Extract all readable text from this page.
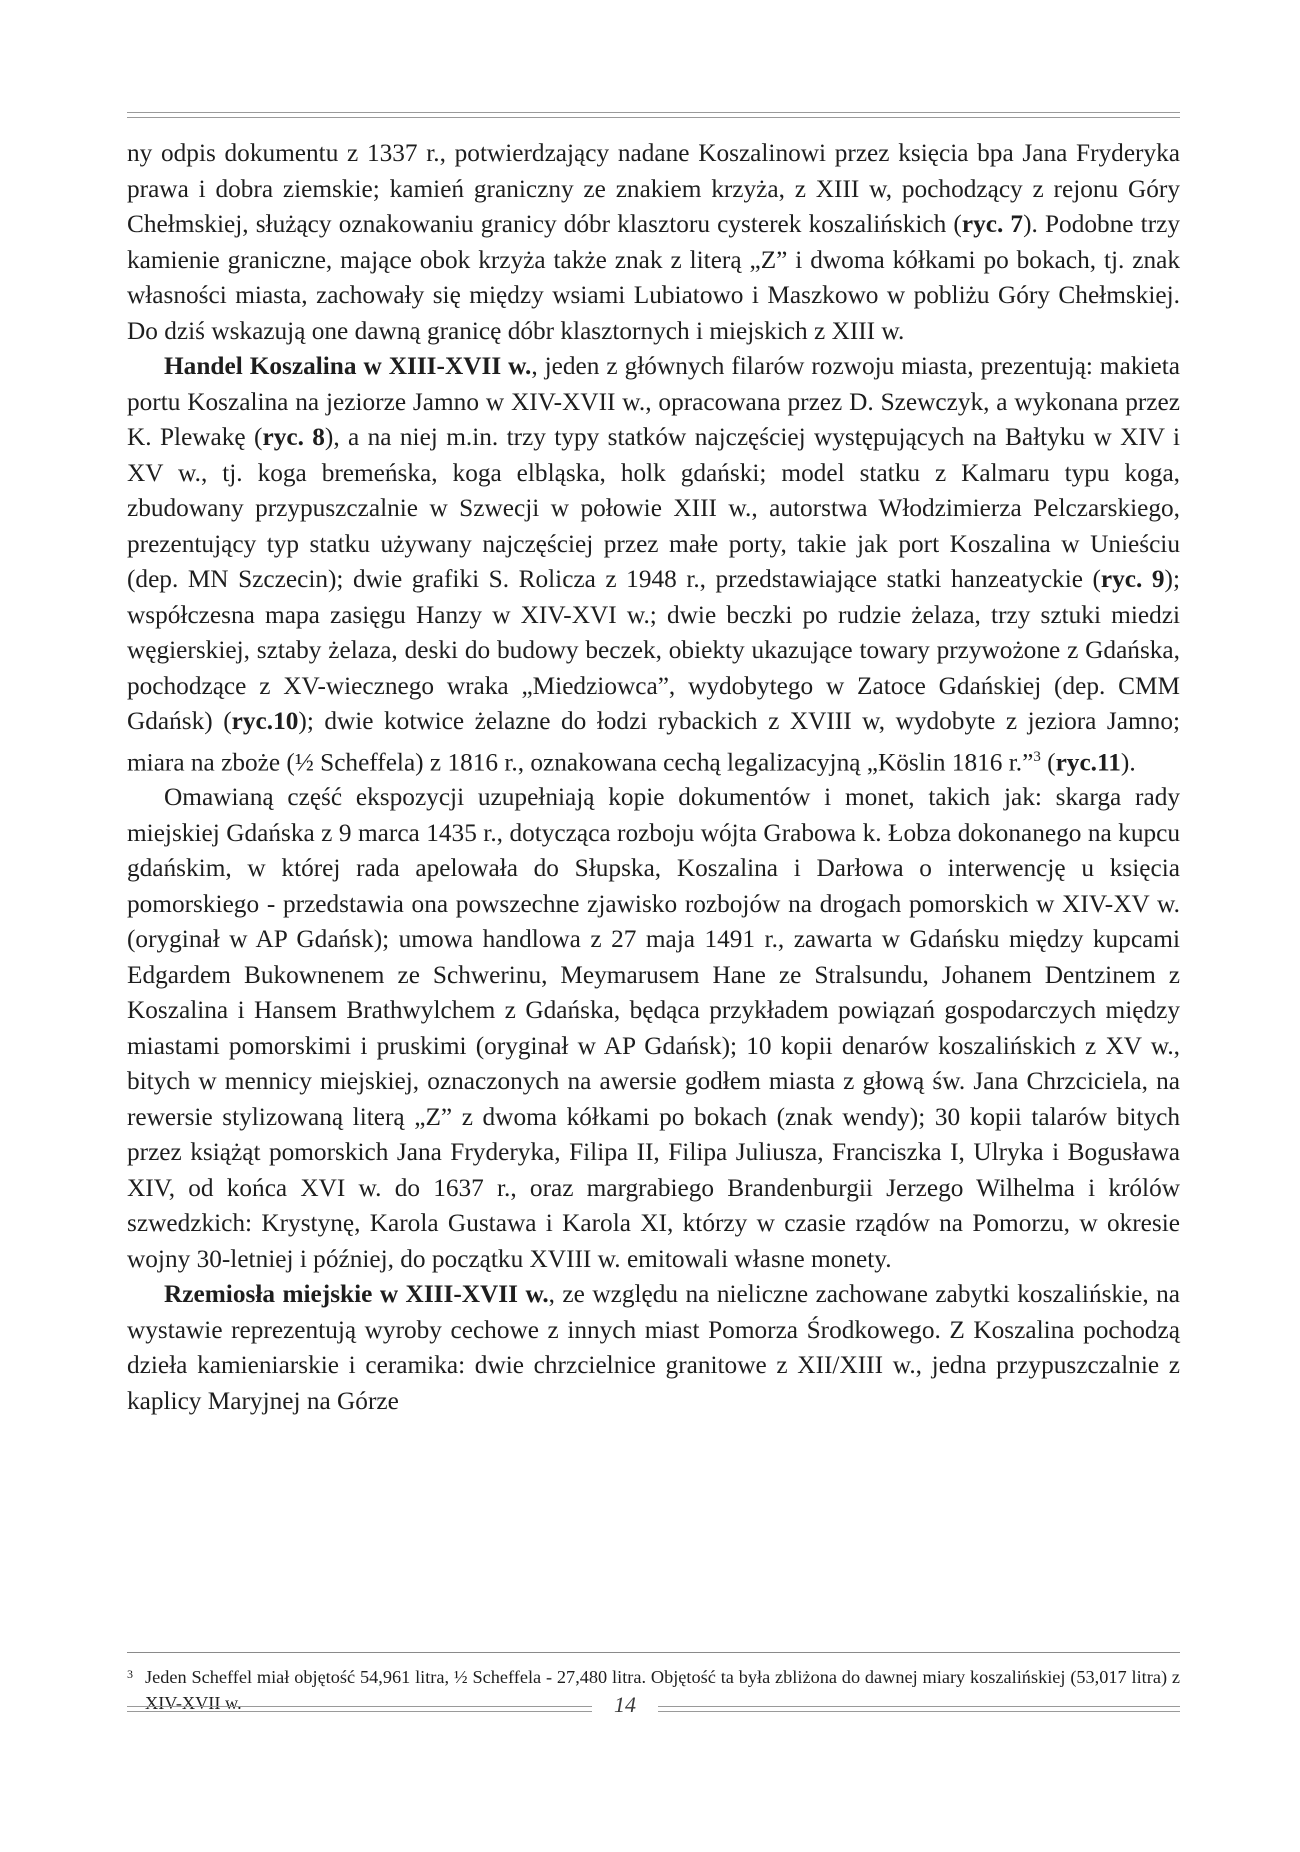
ny odpis dokumentu z 1337 r., potwierdzający nadane Koszalinowi przez księcia bpa Jana Fryderyka prawa i dobra ziemskie; kamień graniczny ze znakiem krzyża, z XIII w, pochodzący z rejonu Góry Chełmskiej, służący oznakowaniu granicy dóbr klasztoru cysterek koszalińskich (ryc. 7). Podobne trzy kamienie graniczne, mające obok krzyża także znak z literą „Z” i dwoma kółkami po bokach, tj. znak własności miasta, zachowały się między wsiami Lubiatowo i Maszkowo w pobliżu Góry Chełmskiej. Do dziś wskazują one dawną granicę dóbr klasztornych i miejskich z XIII w.

Handel Koszalina w XIII-XVII w., jeden z głównych filarów rozwoju miasta, prezentują: makieta portu Koszalina na jeziorze Jamno w XIV-XVII w., opracowana przez D. Szewczyk, a wykonana przez K. Plewakę (ryc. 8), a na niej m.in. trzy typy statków najczęściej występujących na Bałtyku w XIV i XV w., tj. koga bremeńska, koga elbląska, holk gdański; model statku z Kalmaru typu koga, zbudowany przypuszczalnie w Szwecji w połowie XIII w., autorstwa Włodzimierza Pelczarskiego, prezentujący typ statku używany najczęściej przez małe porty, takie jak port Koszalina w Unieściu (dep. MN Szczecin); dwie grafiki S. Rolicza z 1948 r., przedstawiające statki hanzeatyckie (ryc. 9); współczesna mapa zasięgu Hanzy w XIV-XVI w.; dwie beczki po rudzie żelaza, trzy sztuki miedzi węgierskiej, sztaby żelaza, deski do budowy beczek, obiekty ukazujące towary przywożone z Gdańska, pochodzące z XV-wiecznego wraka „Miedziowca”, wydobytego w Zatoce Gdańskiej (dep. CMM Gdańsk) (ryc.10); dwie kotwice żelazne do łodzi rybackich z XVIII w, wydobyte z jeziora Jamno; miara na zboże (½ Scheffela) z 1816 r., oznakowana cechą legalizacyjną „Köslin 1816 r.”$^3$ (ryc.11).

Omawianą część ekspozycji uzupełniają kopie dokumentów i monet, takich jak: skarga rady miejskiej Gdańska z 9 marca 1435 r., dotycząca rozboju wójta Grabowa k. Łobza dokonanego na kupcu gdańskim, w której rada apelowała do Słupska, Koszalina i Darłowa o interwencję u księcia pomorskiego - przedstawia ona powszechne zjawisko rozbojów na drogach pomorskich w XIV-XV w. (oryginał w AP Gdańsk); umowa handlowa z 27 maja 1491 r., zawarta w Gdańsku między kupcami Edgardem Bukownenem ze Schwerinu, Meymarusem Hane ze Stralsundu, Johanem Dentzinem z Koszalina i Hansem Brathwylchem z Gdańska, będąca przykładem powiązań gospodarczych między miastami pomorskimi i pruskimi (oryginał w AP Gdańsk); 10 kopii denarów koszalińskich z XV w., bitych w mennicy miejskiej, oznaczonych na awersie godłem miasta z głową św. Jana Chrzciciela, na rewersie stylizowaną literą „Z” z dwoma kółkami po bokach (znak wendy); 30 kopii talarów bitych przez książąt pomorskich Jana Fryderyka, Filipa II, Filipa Juliusza, Franciszka I, Ulryka i Bogusława XIV, od końca XVI w. do 1637 r., oraz margrabiego Brandenburgii Jerzego Wilhelma i królów szwedzkich: Krystynę, Karola Gustawa i Karola XI, którzy w czasie rządów na Pomorzu, w okresie wojny 30-letniej i później, do początku XVIII w. emitowali własne monety.

Rzemiosła miejskie w XIII-XVII w., ze względu na nieliczne zachowane zabytki koszalińskie, na wystawie reprezentują wyroby cechowe z innych miast Pomorza Środkowego. Z Koszalina pochodzą dzieła kamieniarskie i ceramika: dwie chrzcielnice granitowe z XII/XIII w., jedna przypuszczalnie z kaplicy Maryjnej na Górze

3 Jeden Scheffel miał objętość 54,961 litra, ½ Scheffela - 27,480 litra. Objętość ta była zbliżona do dawnej miary koszalińskiej (53,017 litra) z XIV-XVII w.	14
